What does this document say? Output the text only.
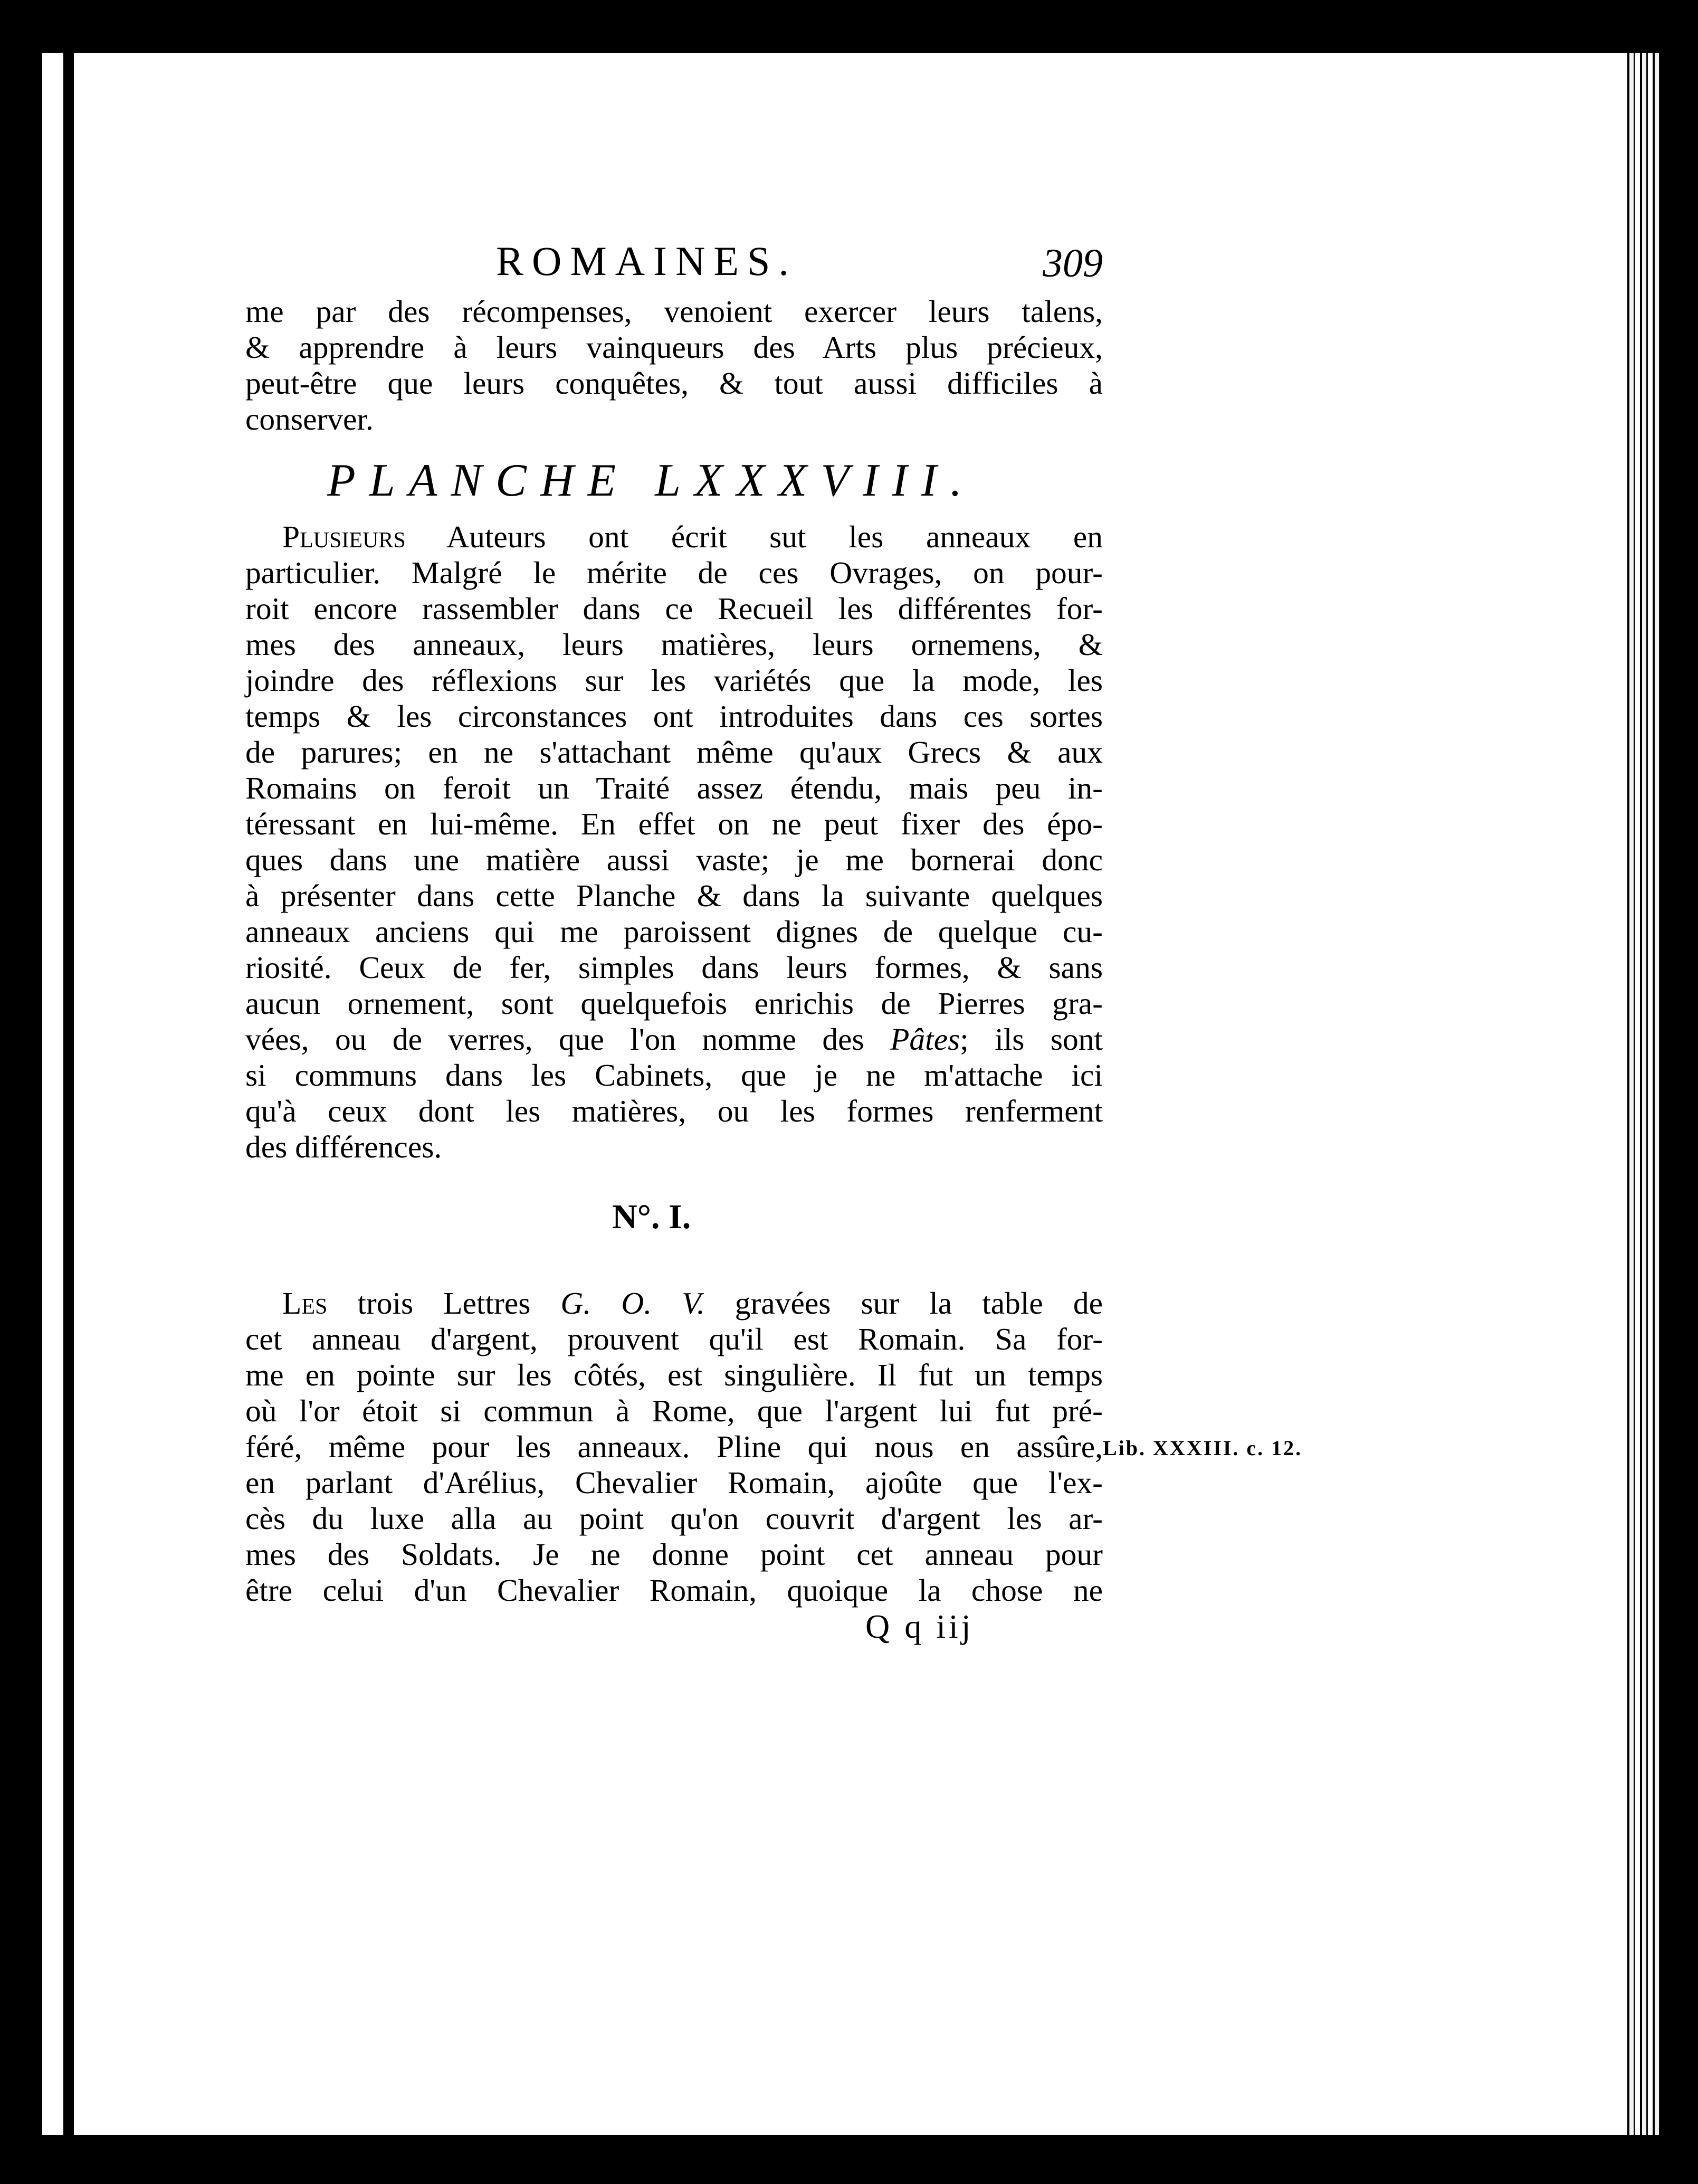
ROMAINES.	309
me par des récompenses, venoient exercer leurs talens,
& apprendre à leurs vainqueurs des Arts plus précieux,
peut-être que leurs conquêtes, & tout aussi difficiles à
conserver.
PLANCHE LXXXVIII.
Plusieurs Auteurs ont écrit sut les anneaux en
particulier. Malgré le mérite de ces Ovrages, on pour-
roit encore rassembler dans ce Recueil les différentes for-
mes des anneaux, leurs matières, leurs ornemens, &
joindre des réflexions sur les variétés que la mode, les
temps & les circonstances ont introduites dans ces sortes
de parures; en ne s'attachant même qu'aux Grecs & aux
Romains on feroit un Traité assez étendu, mais peu in-
téressant en lui-même. En effet on ne peut fixer des épo-
ques dans une matière aussi vaste; je me bornerai donc
à présenter dans cette Planche & dans la suivante quelques
anneaux anciens qui me paroissent dignes de quelque cu-
riosité. Ceux de fer, simples dans leurs formes, & sans
aucun ornement, sont quelquefois enrichis de Pierres gra-
vées, ou de verres, que l'on nomme des Pâtes; ils sont
si communs dans les Cabinets, que je ne m'attache ici
qu'à ceux dont les matières, ou les formes renferment
des différences.
N°. I.
Les trois Lettres G. O. V. gravées sur la table de
cet anneau d'argent, prouvent qu'il est Romain. Sa for-
me en pointe sur les côtés, est singulière. Il fut un temps
où l'or étoit si commun à Rome, que l'argent lui fut pré-
féré, même pour les anneaux. Pline qui nous en assûre,
en parlant d'Arélius, Chevalier Romain, ajoûte que l'ex-
cès du luxe alla au point qu'on couvrit d'argent les ar-
mes des Soldats. Je ne donne point cet anneau pour
être celui d'un Chevalier Romain, quoique la chose ne
Lib. XXXIII. c. 12.
Q q iij
